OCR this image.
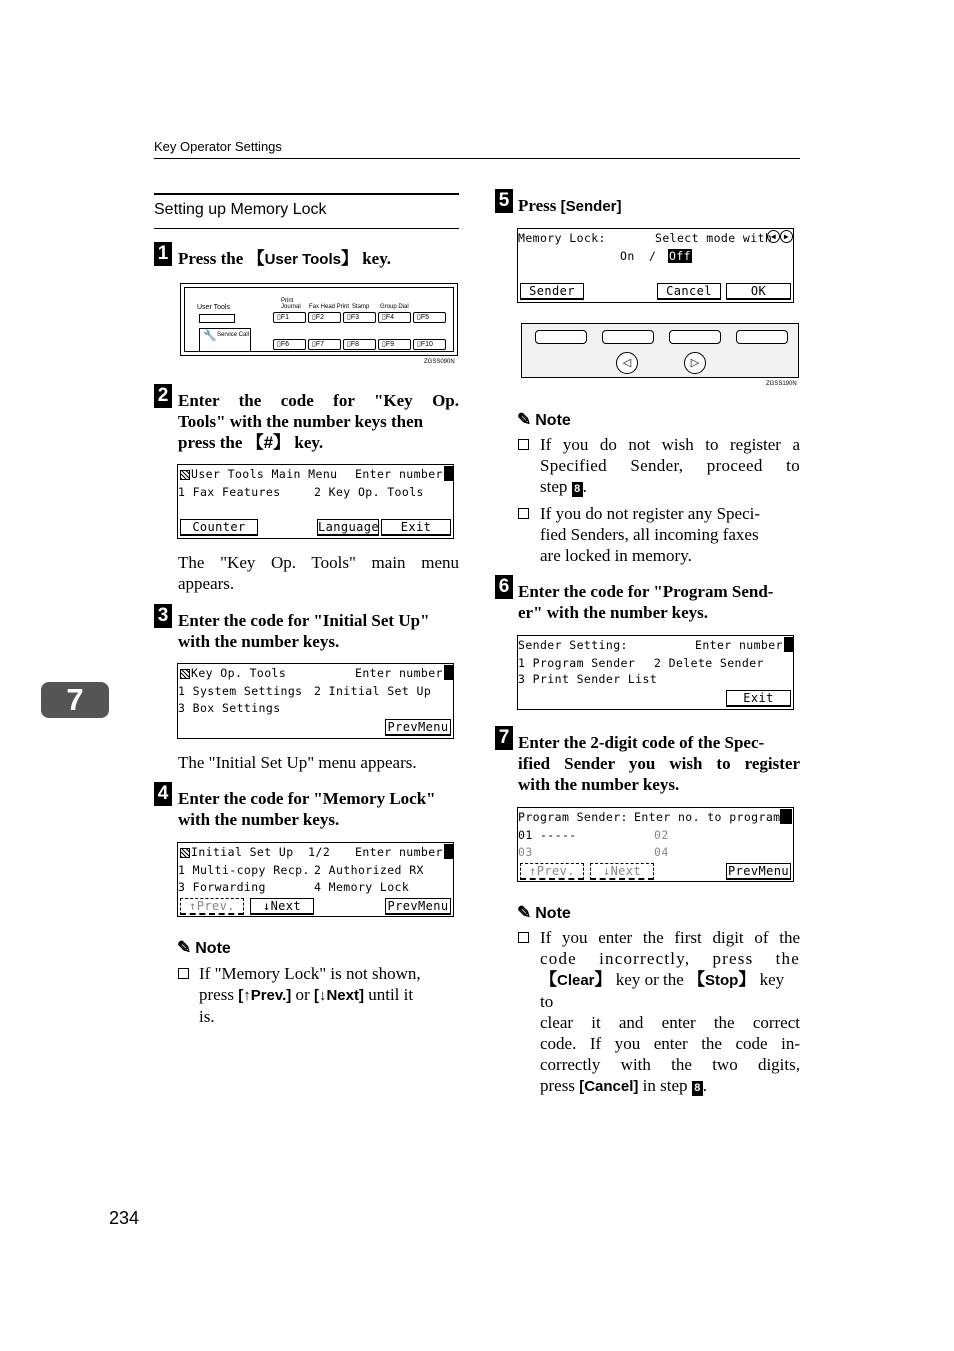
Key Operator Settings
Setting up Memory Lock
7
1 Press the 【User Tools】 key.
User Tools
Print Journal Fax Head Print Stamp Group Dial
Service Call
🔧
▯F1	▯F2	▯F3	▯F4	▯F5
▯F6	▯F7	▯F8	▯F9	▯F10
ZGSS090N
2 Enter the code for "Key Op.
Tools" with the number keys then
press the 【#】 key.
User Tools Main Menu Enter number
1 Fax Features	2 Key Op. Tools
Counter	Language	Exit
The "Key Op. Tools" main menu
appears.
3 Enter the code for "Initial Set Up"
with the number keys.
Key Op. Tools	Enter number
1 System Settings 2 Initial Set Up
3 Box Settings
PrevMenu
The "Initial Set Up" menu appears.
4 Enter the code for "Memory Lock"
with the number keys.
Initial Set Up  1/2 Enter number
1 Multi-copy Recp. 2 Authorized RX
3 Forwarding	4 Memory Lock
↑Prev.	↓Next	PrevMenu
✎ Note
If "Memory Lock" is not shown,
press [↑Prev.] or [↓Next] until it
is.
5 Press [Sender]
Memory Lock:	Select mode with
◀ ▶
On / Off
Sender	Cancel	OK
◁	▷
ZGSS190N
✎ Note
If you do not wish to register a
Specified Sender, proceed to
step 8 .
If you do not register any Speci-
fied Senders, all incoming faxes
are locked in memory.
6 Enter the code for "Program Send-
er" with the number keys.
Sender Setting:	Enter number
1 Program Sender 2 Delete Sender
3 Print Sender List
Exit
7 Enter the 2-digit code of the Spec-
ified Sender you wish to register
with the number keys.
Program Sender: Enter no. to program
01 -----	02
03	04
↑Prev.	↓Next	PrevMenu
✎ Note
If you enter the first digit of the
code incorrectly, press the
【Clear】 key or the 【Stop】 key to
clear it and enter the correct
code. If you enter the code in-
correctly with the two digits,
press [Cancel] in step 8 .
234
